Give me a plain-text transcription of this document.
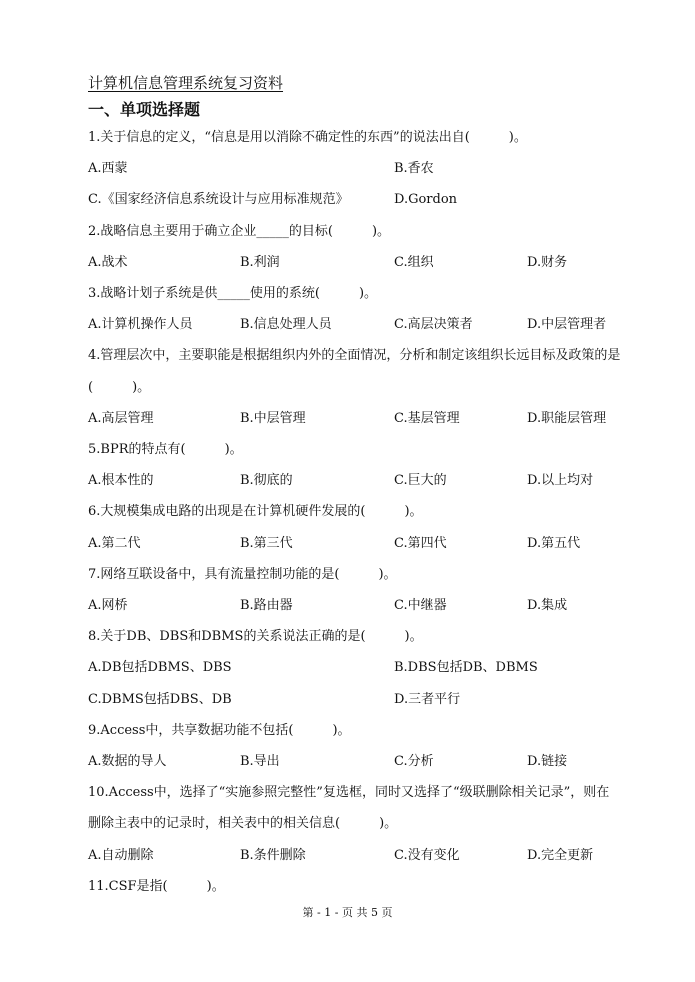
计算机信息管理系统复习资料
一、单项选择题
1.关于信息的定义，“信息是用以消除不确定性的东西”的说法出自(　　　)。
A.西蒙	B.香农
C.《国家经济信息系统设计与应用标准规范》	D.Gordon
2.战略信息主要用于确立企业_____的目标(　　　)。
A.战术	B.利润	C.组织	D.财务
3.战略计划子系统是供_____使用的系统(　　　)。
A.计算机操作人员	B.信息处理人员	C.高层决策者	D.中层管理者
4.管理层次中，主要职能是根据组织内外的全面情况，分析和制定该组织长远目标及政策的是
(　　　)。
A.高层管理	B.中层管理	C.基层管理	D.职能层管理
5.BPR的特点有(　　　)。
A.根本性的	B.彻底的	C.巨大的	D.以上均对
6.大规模集成电路的出现是在计算机硬件发展的(　　　)。
A.第二代	B.第三代	C.第四代	D.第五代
7.网络互联设备中，具有流量控制功能的是(　　　)。
A.网桥	B.路由器	C.中继器	D.集成
8.关于DB、DBS和DBMS的关系说法正确的是(　　　)。
A.DB包括DBMS、DBS	B.DBS包括DB、DBMS
C.DBMS包括DBS、DB	D.三者平行
9.Access中，共享数据功能不包括(　　　)。
A.数据的导人	B.导出	C.分析	D.链接
10.Access中，选择了“实施参照完整性”复选框，同时又选择了“级联删除相关记录”，则在
删除主表中的记录时，相关表中的相关信息(　　　)。
A.自动删除	B.条件删除	C.没有变化	D.完全更新
11.CSF是指(　　　)。
第 - 1 - 页 共 5 页
